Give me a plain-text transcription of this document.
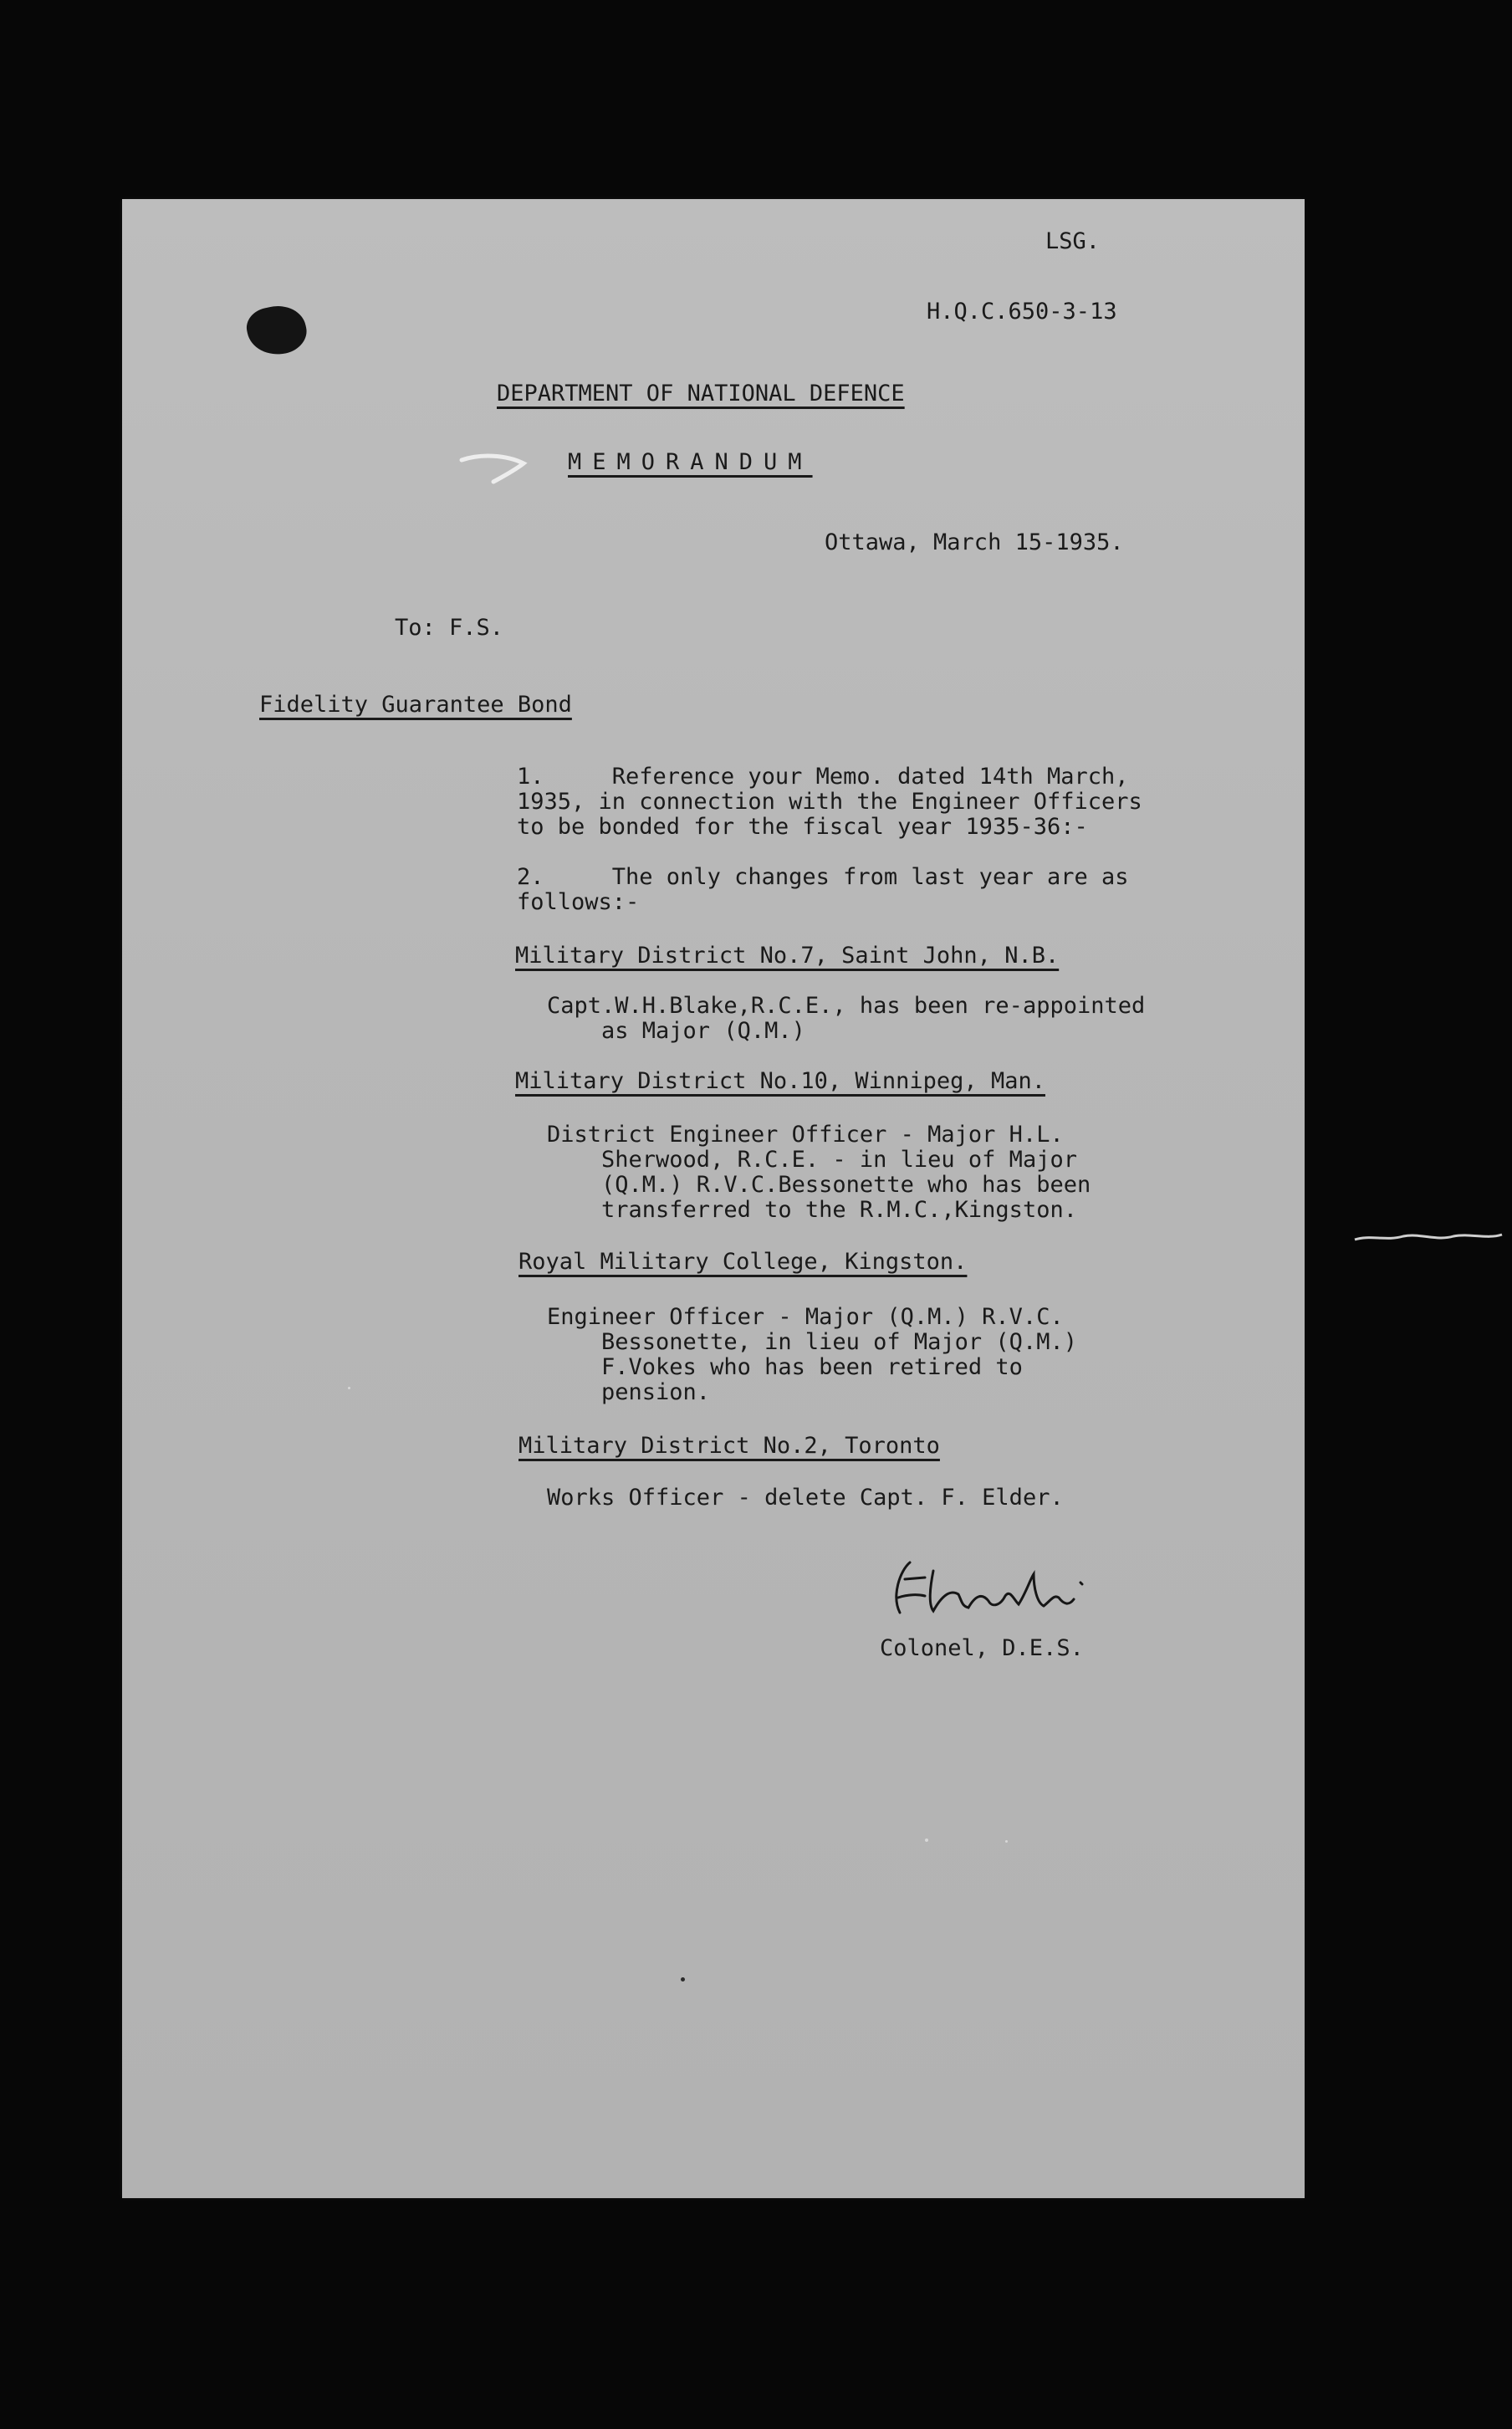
LSG.
H.Q.C.650-3-13
DEPARTMENT OF NATIONAL DEFENCE
MEMORANDUM
Ottawa, March 15-1935.
To: F.S.
Fidelity Guarantee Bond
1.     Reference your Memo. dated 14th March,
1935, in connection with the Engineer Officers
to be bonded for the fiscal year 1935-36:-
2.     The only changes from last year are as
follows:-
Military District No.7, Saint John, N.B.
Capt.W.H.Blake,R.C.E., has been re-appointed
as Major (Q.M.)
Military District No.10, Winnipeg, Man.
District Engineer Officer - Major H.L.
Sherwood, R.C.E. - in lieu of Major
(Q.M.) R.V.C.Bessonette who has been
transferred to the R.M.C.,Kingston.
Royal Military College, Kingston.
Engineer Officer - Major (Q.M.) R.V.C.
Bessonette, in lieu of Major (Q.M.)
F.Vokes who has been retired to
pension.
Military District No.2, Toronto
Works Officer - delete Capt. F. Elder.
Colonel, D.E.S.
